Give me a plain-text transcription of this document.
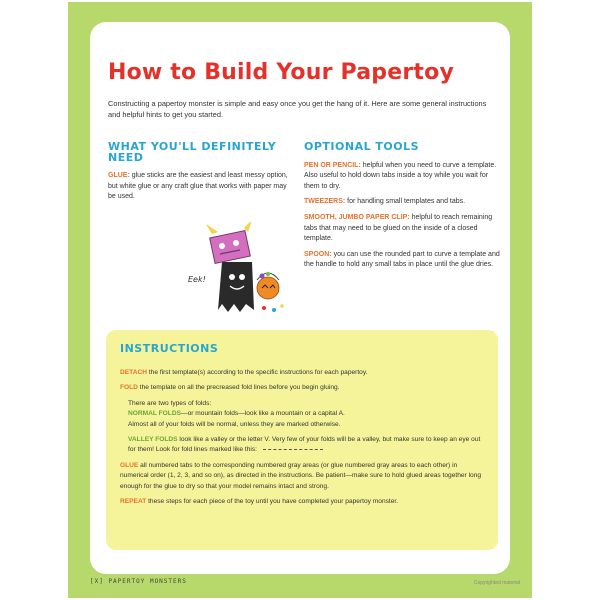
How to Build Your Papertoy

Constructing a papertoy monster is simple and easy once you get the hang of it. Here are some general instructions and helpful hints to get you started.

WHAT YOU'LL DEFINITELY NEED

GLUE: glue sticks are the easiest and least messy option, but white glue or any craft glue that works with paper may be used.

Eek!
OPTIONAL TOOLS

PEN OR PENCIL: helpful when you need to curve a template. Also useful to hold down tabs inside a toy while you wait for them to dry.

TWEEZERS: for handling small templates and tabs.

SMOOTH, JUMBO PAPER CLIP: helpful to reach remaining tabs that may need to be glued on the inside of a closed template.

SPOON: you can use the rounded part to curve a template and the handle to hold any small tabs in place until the glue dries.

INSTRUCTIONS

DETACH the first template(s) according to the specific instructions for each papertoy.

FOLD the template on all the precreased fold lines before you begin gluing.

There are two types of folds:

NORMAL FOLDS—or mountain folds—look like a mountain or a capital A.

Almost all of your folds will be normal, unless they are marked otherwise.

VALLEY FOLDS look like a valley or the letter V. Very few of your folds will be a valley, but make sure to keep an eye out for them! Look for fold lines marked like this:

GLUE all numbered tabs to the corresponding numbered gray areas (or glue numbered gray areas to each other) in numerical order (1, 2, 3, and so on), as directed in the instructions. Be patient—make sure to hold glued areas together long enough for the glue to dry so that your model remains intact and strong.

REPEAT these steps for each piece of the toy until you have completed your papertoy monster.

[X] PAPERTOY MONSTERS	Copyrighted material
